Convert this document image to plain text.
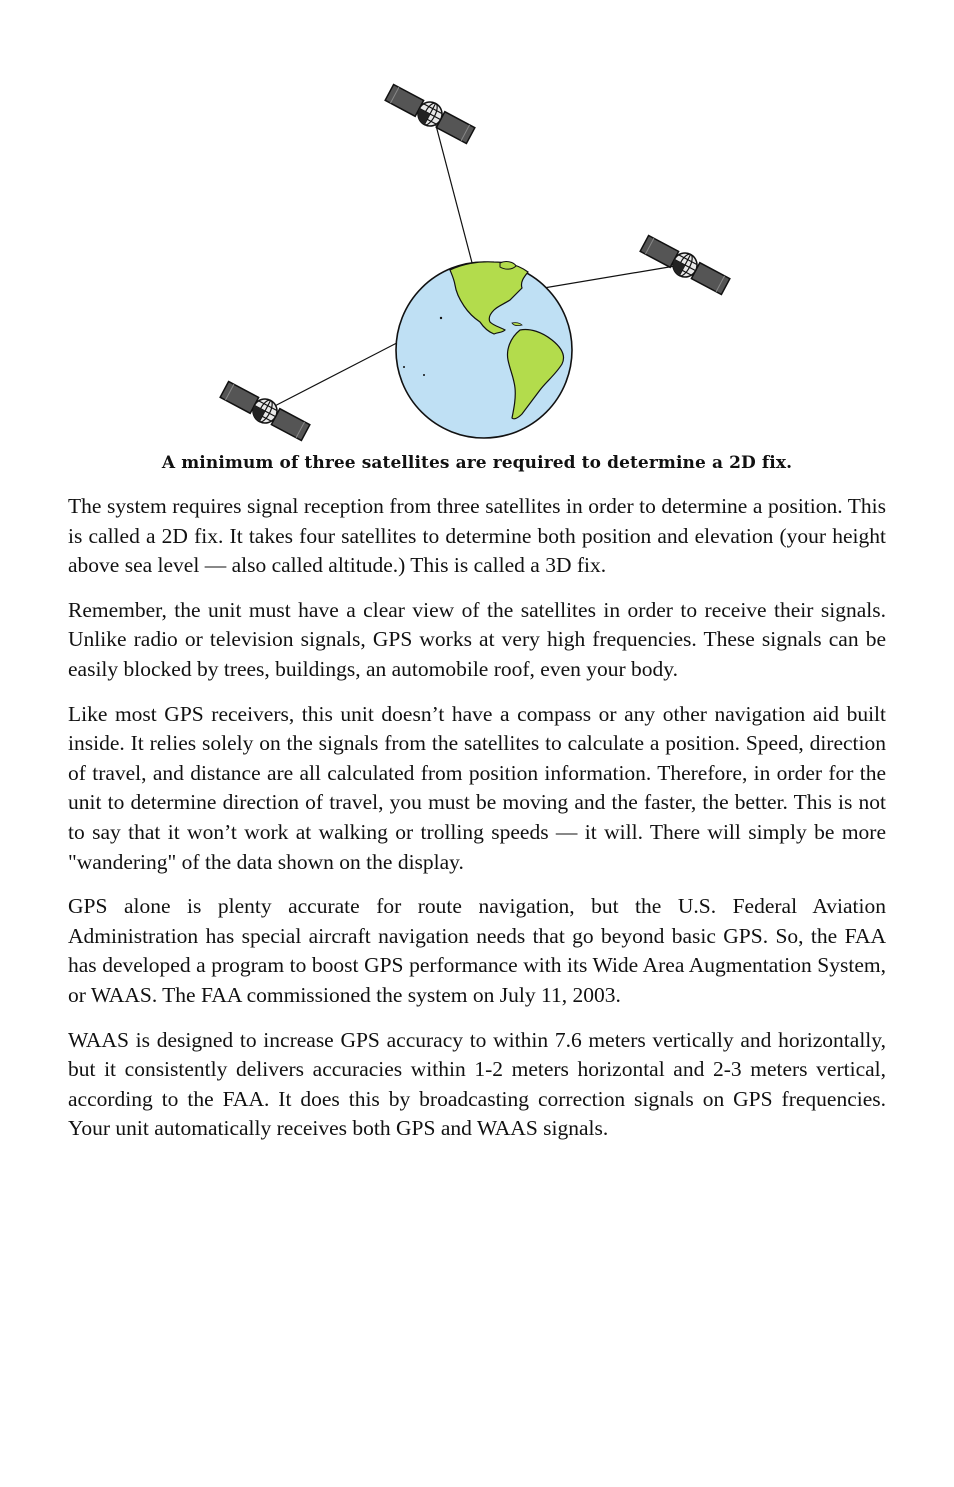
A minimum of three satellites are required to determine a 2D fix.

The system requires signal reception from three satellites in order to determine a position. This is called a 2D fix. It takes four satellites to determine both position and elevation (your height above sea level — also called altitude.) This is called a 3D fix.

Remember, the unit must have a clear view of the satellites in order to receive their signals. Unlike radio or television signals, GPS works at very high frequencies. These signals can be easily blocked by trees, buildings, an automobile roof, even your body.

Like most GPS receivers, this unit doesn’t have a compass or any other navigation aid built inside. It relies solely on the signals from the satellites to calculate a position. Speed, direction of travel, and distance are all calculated from position information. Therefore, in order for the unit to determine direction of travel, you must be moving and the faster, the better. This is not to say that it won’t work at walking or trolling speeds — it will. There will simply be more "wandering" of the data shown on the display.

GPS alone is plenty accurate for route navigation, but the U.S. Federal Aviation Administration has special aircraft navigation needs that go beyond basic GPS. So, the FAA has developed a program to boost GPS performance with its Wide Area Augmentation System, or WAAS. The FAA commissioned the system on July 11, 2003.

WAAS is designed to increase GPS accuracy to within 7.6 meters vertically and horizontally, but it consistently delivers accuracies within 1-2 meters horizontal and 2-3 meters vertical, according to the FAA. It does this by broadcasting correction signals on GPS frequencies. Your unit automatically receives both GPS and WAAS signals.
